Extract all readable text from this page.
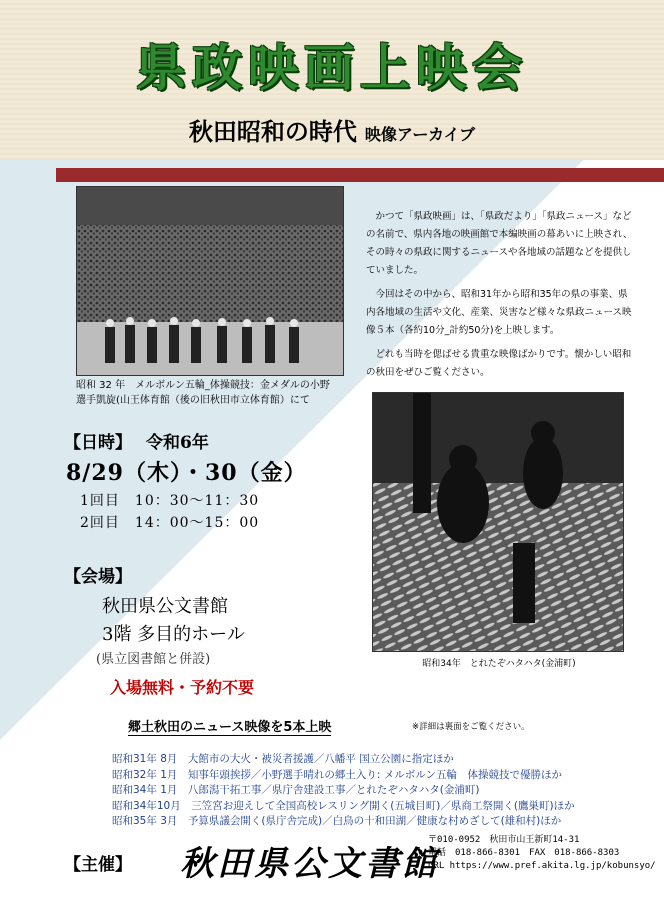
県政映画上映会
秋田昭和の時代 映像アーカイブ
昭和 32 年　メルボルン五輪_体操競技：金メダルの小野
選手凱旋(山王体育館（後の旧秋田市立体育館）にて

かつて「県政映画」は、「県政だより」「県政ニュース」などの名前で、県内各地の映画館で本編映画の幕あいに上映され、その時々の県政に関するニュースや各地域の話題などを提供していました。

今回はその中から、昭和31年から昭和35年の県の事業、県内各地域の生活や文化、産業、災害など様々な県政ニュース映像５本（各約10分_計約50分)を上映します。

どれも当時を偲ばせる貴重な映像ばかりです。懐かしい昭和の秋田をぜひご覧ください。

【日時】 令和6年
8/29（木）・30（金）
1回目　10：30〜11：30
2回目　14：00〜15：00
【会場】
秋田県公文書館
3階 多目的ホール
(県立図書館と併設)
入場無料・予約不要
昭和34年　とれたぞハタハタ(金浦町)
郷土秋田のニュース映像を5本上映	※詳細は裏面をご覧ください。
昭和31年 8月　大館市の大火・被災者援護／八幡平 国立公園に指定ほか
昭和32年 1月　知事年頭挨拶／小野選手晴れの郷土入り: メルボルン五輪　体操競技で優勝ほか
昭和34年 1月　八郎潟干拓工事／県庁舎建設工事／とれたぞハタハタ(金浦町)
昭和34年10月　三笠宮お迎えして全国高校レスリング開く(五城目町)／県商工祭開く(鷹巣町)ほか
昭和35年 3月　予算県議会開く(県庁舎完成)／白鳥の十和田湖／健康な村めざして(雄和村)ほか
【主催】 秋田県公文書館
〒010-0952　秋田市山王新町14-31
電話　018-866-8301　FAX　018-866-8303
URL https://www.pref.akita.lg.jp/kobunsyo/
